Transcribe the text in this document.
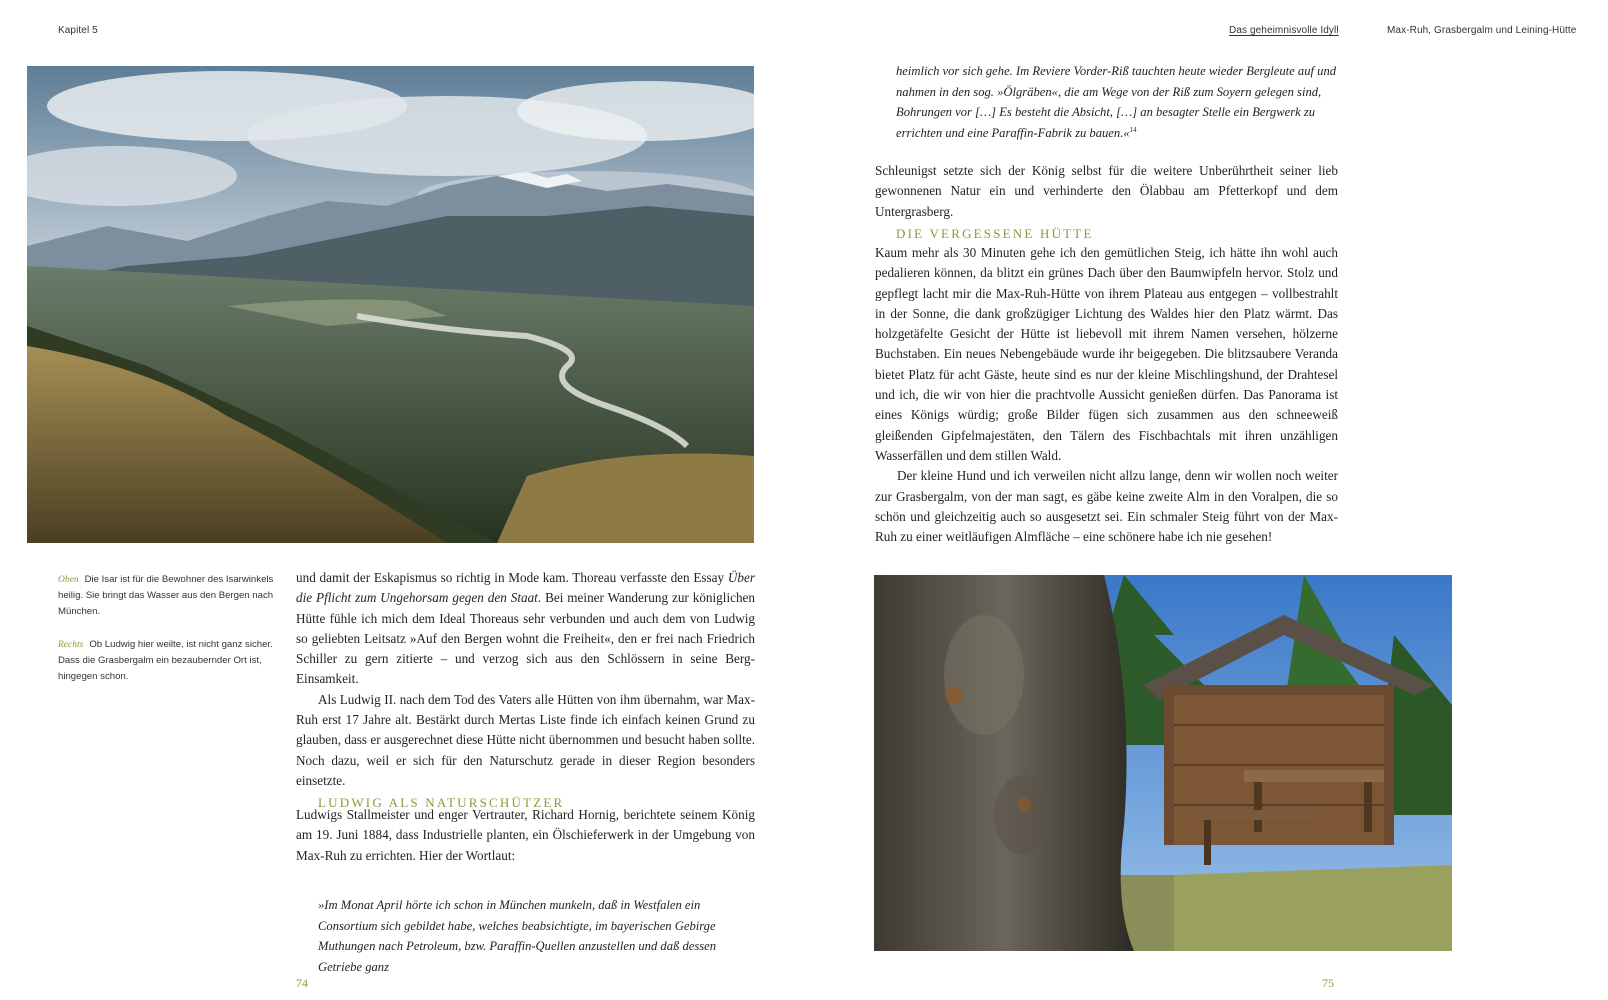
Kapitel 5
Oben Die Isar ist für die Bewohner des Isarwinkels heilig. Sie bringt das Wasser aus den Bergen nach München.
Rechts Ob Ludwig hier weilte, ist nicht ganz sicher. Dass die Grasbergalm ein bezaubernder Ort ist, hingegen schon.

und damit der Eskapismus so richtig in Mode kam. Thoreau verfasste den Essay Über die Pflicht zum Ungehorsam gegen den Staat. Bei meiner Wanderung zur königlichen Hütte fühle ich mich dem Ideal Thoreaus sehr verbunden und auch dem von Ludwig so geliebten Leitsatz »Auf den Bergen wohnt die Freiheit«, den er frei nach Friedrich Schiller zu gern zitierte – und verzog sich aus den Schlössern in seine Berg-Einsamkeit.

Als Ludwig II. nach dem Tod des Vaters alle Hütten von ihm übernahm, war Max-Ruh erst 17 Jahre alt. Bestärkt durch Mertas Liste finde ich einfach keinen Grund zu glauben, dass er ausgerechnet diese Hütte nicht übernommen und besucht haben sollte. Noch dazu, weil er sich für den Naturschutz gerade in dieser Region besonders einsetzte.

LUDWIG ALS NATURSCHÜTZER

Ludwigs Stallmeister und enger Vertrauter, Richard Hornig, berichtete seinem König am 19. Juni 1884, dass Industrielle planten, ein Ölschieferwerk in der Umgebung von Max-Ruh zu errichten. Hier der Wortlaut:

»Im Monat April hörte ich schon in München munkeln, daß in Westfalen ein Consortium sich gebildet habe, welches beabsichtigte, im bayerischen Gebirge Muthungen nach Petroleum, bzw. Paraffin-Quellen anzustellen und daß dessen Getriebe ganz

74
Das geheimnisvolle Idyll	Max-Ruh, Grasbergalm und Leining-Hütte

heimlich vor sich gehe. Im Reviere Vorder-Riß tauchten heute wieder Bergleute auf und nahmen in den sog. »Ölgräben«, die am Wege von der Riß zum Soyern gelegen sind, Bohrungen vor […] Es besteht die Absicht, […] an besagter Stelle ein Bergwerk zu errichten und eine Paraffin-Fabrik zu bauen.«$^{14}$

Schleunigst setzte sich der König selbst für die weitere Unberührtheit seiner lieb gewonnenen Natur ein und verhinderte den Ölabbau am Pfetterkopf und dem Untergrasberg.

DIE VERGESSENE HÜTTE

Kaum mehr als 30 Minuten gehe ich den gemütlichen Steig, ich hätte ihn wohl auch pedalieren können, da blitzt ein grünes Dach über den Baumwipfeln hervor. Stolz und gepflegt lacht mir die Max-Ruh-Hütte von ihrem Plateau aus entgegen – vollbestrahlt in der Sonne, die dank großzügiger Lichtung des Waldes hier den Platz wärmt. Das holzgetäfelte Gesicht der Hütte ist liebevoll mit ihrem Namen versehen, hölzerne Buchstaben. Ein neues Nebengebäude wurde ihr beigegeben. Die blitzsaubere Veranda bietet Platz für acht Gäste, heute sind es nur der kleine Mischlingshund, der Drahtesel und ich, die wir von hier die prachtvolle Aussicht genießen dürfen. Das Panorama ist eines Königs würdig; große Bilder fügen sich zusammen aus den schneeweiß gleißenden Gipfelmajestäten, den Tälern des Fischbachtals mit ihren unzähligen Wasserfällen und dem stillen Wald.

Der kleine Hund und ich verweilen nicht allzu lange, denn wir wollen noch weiter zur Grasbergalm, von der man sagt, es gäbe keine zweite Alm in den Voralpen, die so schön und gleichzeitig auch so ausgesetzt sei. Ein schmaler Steig führt von der Max-Ruh zu einer weitläufigen Almfläche – eine schönere habe ich nie gesehen!

75
